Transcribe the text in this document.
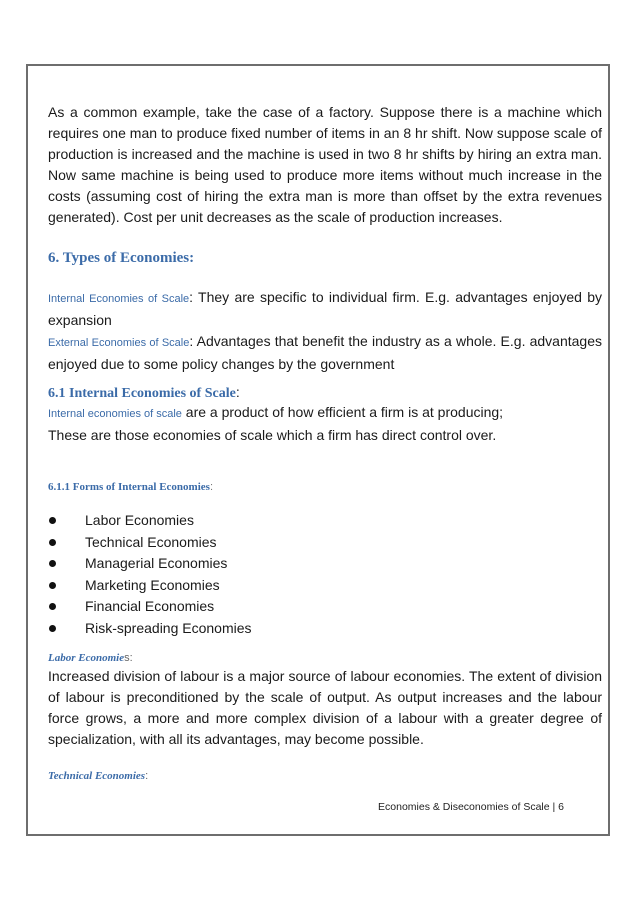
As a common example, take the case of a factory. Suppose there is a machine which requires one man to produce fixed number of items in an 8 hr shift. Now suppose scale of production is increased and the machine is used in two 8 hr shifts by hiring an extra man. Now same machine is being used to produce more items without much increase in the costs (assuming cost of hiring the extra man is more than offset by the extra revenues generated). Cost per unit decreases as the scale of production increases.

6. Types of Economies:

Internal Economies of Scale: They are specific to individual firm. E.g. advantages enjoyed by expansion

External Economies of Scale: Advantages that benefit the industry as a whole. E.g. advantages enjoyed due to some policy changes by the government

6.1 Internal Economies of Scale:

Internal economies of scale are a product of how efficient a firm is at producing;

These are those economies of scale which a firm has direct control over.

6.1.1 Forms of Internal Economies:

Labor Economies
Technical Economies
Managerial Economies
Marketing Economies
Financial Economies
Risk-spreading Economies

Labor Economies:

Increased division of labour is a major source of labour economies. The extent of division of labour is preconditioned by the scale of output. As output increases and the labour force grows, a more and more complex division of a labour with a greater degree of specialization, with all its advantages, may become possible.

Technical Economies:

Economies & Diseconomies of Scale | 6
